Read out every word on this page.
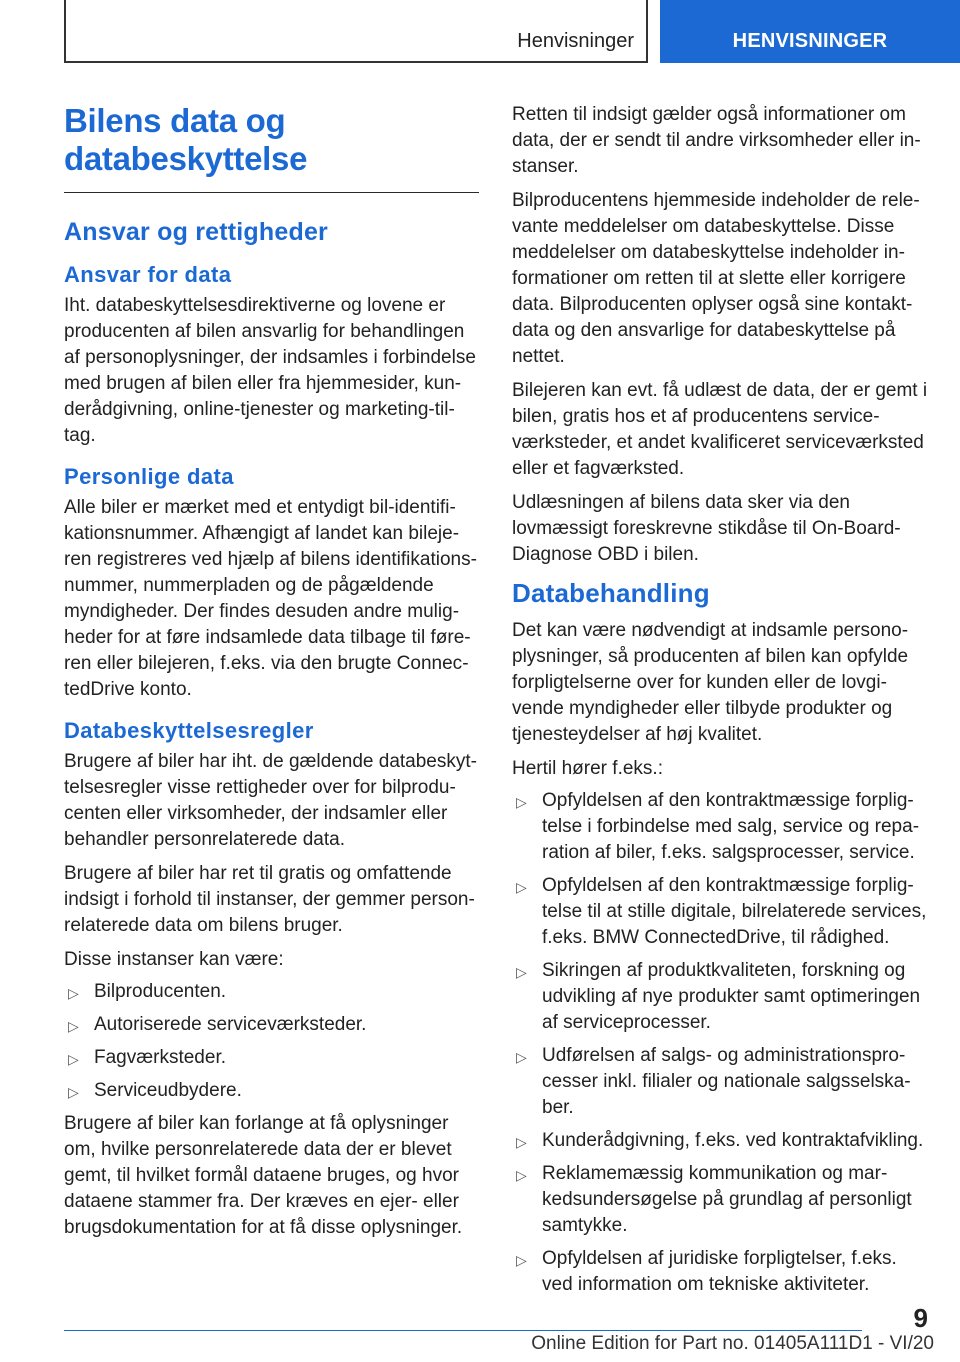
Henvisninger	HENVISNINGER
Bilens data og databeskyttelse
Ansvar og rettigheder
Ansvar for data

Iht. databeskyttelsesdirektiverne og lovene er producenten af bilen ansvarlig for behandlingen af personoplysninger, der indsamles i forbindelse med brugen af bilen eller fra hjemmesider, kunderådgivning, online-tjenester og marketing-tiltag.

Personlige data

Alle biler er mærket med et entydigt bil-identifikationsnummer. Afhængigt af landet kan bilejeren registreres ved hjælp af bilens identifikationsnummer, nummerpladen og de pågældende myndigheder. Der findes desuden andre muligheder for at føre indsamlede data tilbage til føreren eller bilejeren, f.eks. via den brugte ConnectedDrive konto.

Databeskyttelsesregler

Brugere af biler har iht. de gældende databeskyttelsesregler visse rettigheder over for bilproducenten eller virksomheder, der indsamler eller behandler personrelaterede data.

Brugere af biler har ret til gratis og omfattende indsigt i forhold til instanser, der gemmer personrelaterede data om bilens bruger.

Disse instanser kan være:

▷ Bilproducenten.
▷ Autoriserede serviceværksteder.
▷ Fagværksteder.
▷ Serviceudbydere.

Brugere af biler kan forlange at få oplysninger om, hvilke personrelaterede data der er blevet gemt, til hvilket formål dataene bruges, og hvor dataene stammer fra. Der kræves en ejer- eller brugsdokumentation for at få disse oplysninger.

Retten til indsigt gælder også informationer om data, der er sendt til andre virksomheder eller instanser.

Bilproducentens hjemmeside indeholder de relevante meddelelser om databeskyttelse. Disse meddelelser om databeskyttelse indeholder informationer om retten til at slette eller korrigere data. Bilproducenten oplyser også sine kontaktdata og den ansvarlige for databeskyttelse på nettet.

Bilejeren kan evt. få udlæst de data, der er gemt i bilen, gratis hos et af producentens serviceværksteder, et andet kvalificeret serviceværksted eller et fagværksted.

Udlæsningen af bilens data sker via den lovmæssigt foreskrevne stikdåse til On-Board-Diagnose OBD i bilen.

Databehandling

Det kan være nødvendigt at indsamle personoplysninger, så producenten af bilen kan opfylde forpligtelserne over for kunden eller de lovgivende myndigheder eller tilbyde produkter og tjenesteydelser af høj kvalitet.

Hertil hører f.eks.:

▷ Opfyldelsen af den kontraktmæssige forpligtelse i forbindelse med salg, service og reparation af biler, f.eks. salgsprocesser, service.
▷ Opfyldelsen af den kontraktmæssige forpligtelse til at stille digitale, bilrelaterede services, f.eks. BMW ConnectedDrive, til rådighed.
▷ Sikringen af produktkvaliteten, forskning og udvikling af nye produkter samt optimeringen af serviceprocesser.
▷ Udførelsen af salgs- og administrationsprocesser inkl. filialer og nationale salgsselskaber.
▷ Kunderådgivning, f.eks. ved kontraktafvikling.
▷ Reklamemæssig kommunikation og markedsundersøgelse på grundlag af personligt samtykke.
▷ Opfyldelsen af juridiske forpligtelser, f.eks. ved information om tekniske aktiviteter.
9
Online Edition for Part no. 01405A111D1 - VI/20
